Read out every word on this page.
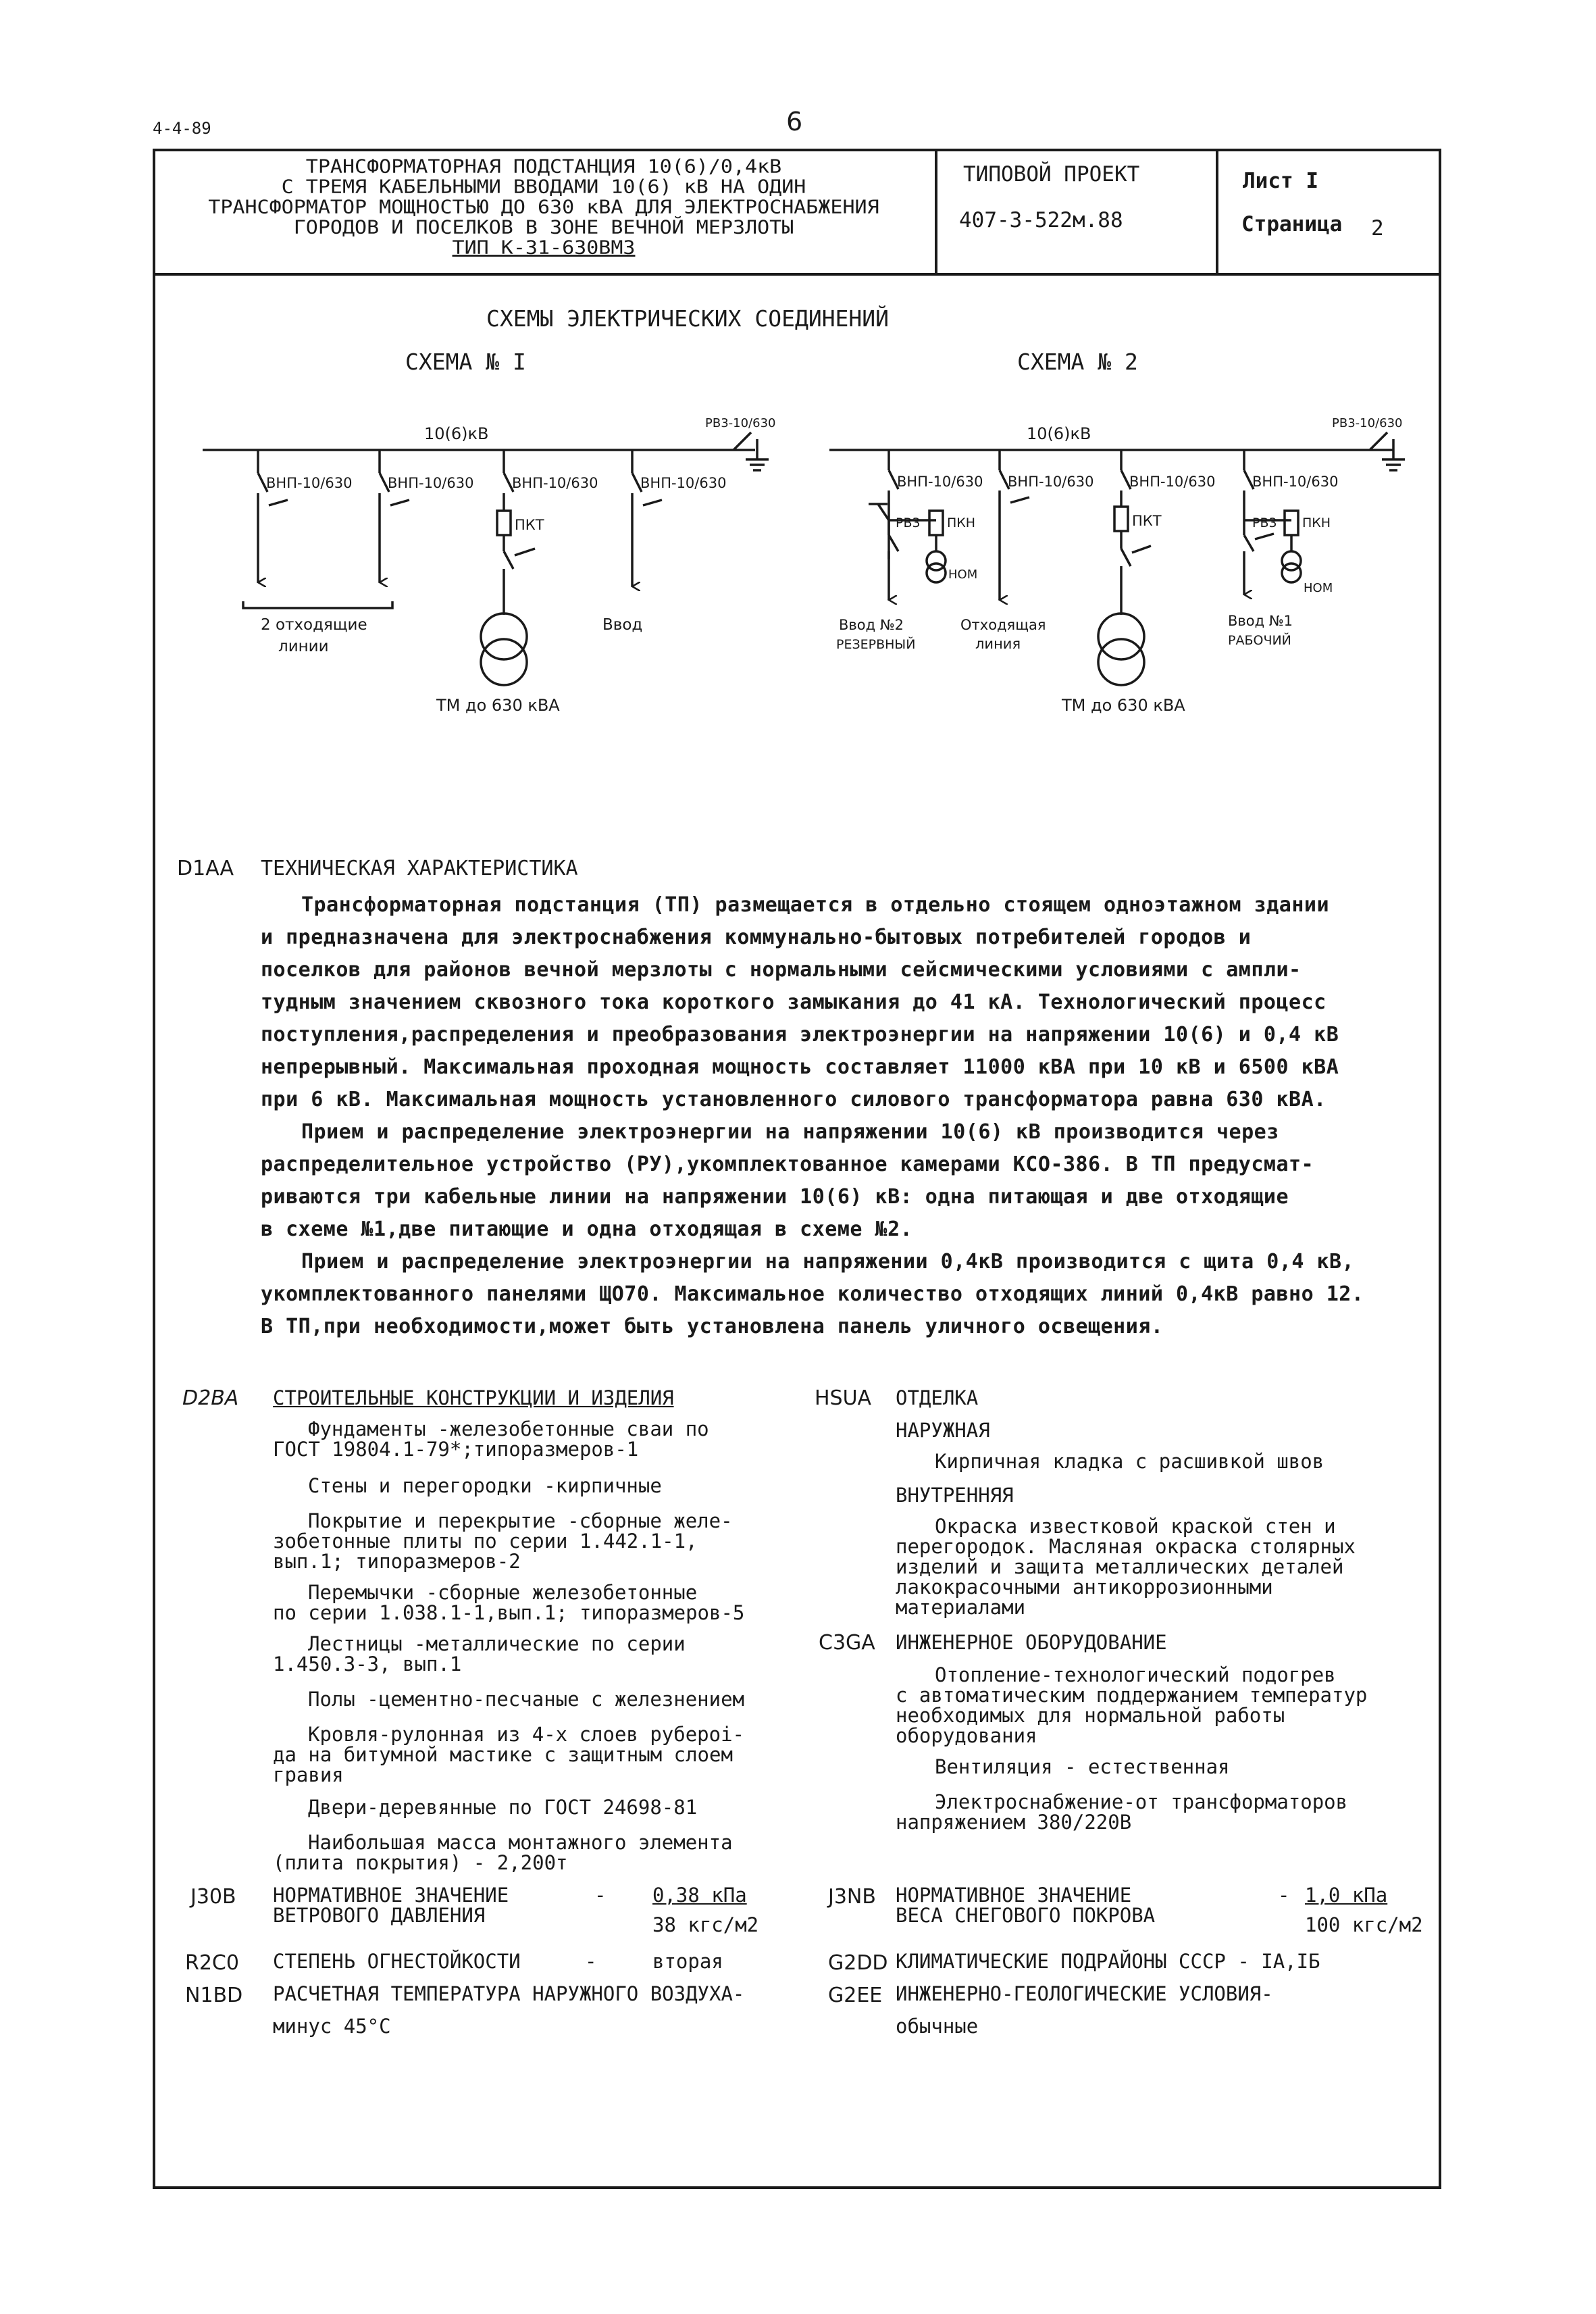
4-4-89	6
ТРАНСФОРМАТОРНАЯ ПОДСТАНЦИЯ 10(6)/0,4кВ
С ТРЕМЯ КАБЕЛЬНЫМИ ВВОДАМИ 10(6) кВ НА ОДИН
ТРАНСФОРМАТОР МОЩНОСТЬЮ ДО 630 кВА ДЛЯ ЭЛЕКТРОСНАБЖЕНИЯ
ГОРОДОВ И ПОСЕЛКОВ В ЗОНЕ ВЕЧНОЙ МЕРЗЛОТЫ
ТИП К-31-630ВМ3
ТИПОВОЙ ПРОЕКТ
407-3-522м.88
Лист I
Страница 2
СХЕМЫ ЭЛЕКТРИЧЕСКИХ СОЕДИНЕНИЙ
СХЕМА № I	СХЕМА № 2
10(6)кВ
РВ3-10/630
ВНП-10/630	ВНП-10/630	ВНП-10/630	ВНП-10/630
ПКТ
2 отходящие
линии
Ввод
ТМ до 630 кВА
10(6)кВ
РВ3-10/630
ВНП-10/630 ВНП-10/630	ВНП-10/630	ВНП-10/630
РВ3 ПКН
НОМ
ПКТ	РВ3 ПКН
НОМ
Ввод №2
РЕЗЕРВНЫЙ
Отходящая
линия
Ввод №1
РАБОЧИЙ
ТМ до 630 кВА
D1AA ТЕХНИЧЕСКАЯ ХАРАКТЕРИСТИКА
Трансформаторная подстанция (ТП) размещается в отдельно стоящем одноэтажном здании
и предназначена для электроснабжения коммунально-бытовых потребителей городов и
поселков для районов вечной мерзлоты с нормальными сейсмическими условиями с ампли-
тудным значением сквозного тока короткого замыкания до 41 кА. Технологический процесс
поступления,распределения и преобразования электроэнергии на напряжении 10(6) и 0,4 кВ
непрерывный. Максимальная проходная мощность составляет 11000 кВА при 10 кВ и 6500 кВА
при 6 кВ. Максимальная мощность установленного силового трансформатора равна 630 кВА.
Прием и распределение электроэнергии на напряжении 10(6) кВ производится через
распределительное устройство (РУ),укомплектованное камерами КСО-386. В ТП предусмат-
риваются три кабельные линии на напряжении 10(6) кВ: одна питающая и две отходящие
в схеме №1,две питающие и одна отходящая в схеме №2.
Прием и распределение электроэнергии на напряжении 0,4кВ производится с щита 0,4 кВ,
укомплектованного панелями ЩО70. Максимальное количество отходящих линий 0,4кВ равно 12.
В ТП,при необходимости,может быть установлена панель уличного освещения.
D2BA СТРОИТЕЛЬНЫЕ КОНСТРУКЦИИ И ИЗДЕЛИЯ
Фундаменты -железобетонные сваи по
ГОСТ 19804.1-79*;типоразмеров-1
Стены и перегородки -кирпичные
Покрытие и перекрытие -сборные желе-
зобетонные плиты по серии 1.442.1-1,
вып.1; типоразмеров-2
Перемычки -сборные железобетонные
по серии 1.038.1-1,вып.1; типоразмеров-5
Лестницы -металлические по серии
1.450.3-3, вып.1
Полы -цементно-песчаные с железнением
Кровля-рулонная из 4-х слоев рубероi-
да на битумной мастике с защитным слоем
гравия
Двери-деревянные по ГОСТ 24698-81
Наибольшая масса монтажного элемента
(плита покрытия) - 2,200т
HSUA ОТДЕЛКА
НАРУЖНАЯ
Кирпичная кладка с расшивкой швов
ВНУТРЕННЯЯ
Окраска известковой краской стен и
перегородок. Масляная окраска столярных
изделий и защита металлических деталей
лакокрасочными антикоррозионными
материалами
C3GA ИНЖЕНЕРНОЕ ОБОРУДОВАНИЕ
Отопление-технологический подогрев
с автоматическим поддержанием температур
необходимых для нормальной работы
оборудования
Вентиляция - естественная
Электроснабжение-от трансформаторов
напряжением 380/220В
J30B НОРМАТИВНОЕ ЗНАЧЕНИЕ
ВЕТРОВОГО ДАВЛЕНИЯ
- 0,38 кПа
38 кгс/м2
J3NB НОРМАТИВНОЕ ЗНАЧЕНИЕ
ВЕСА СНЕГОВОГО ПОКРОВА
- 1,0 кПа
100 кгс/м2
R2C0 СТЕПЕНЬ ОГНЕСТОЙКОСТИ	-	вторая	G2DD КЛИМАТИЧЕСКИЕ ПОДРАЙОНЫ СССР - IА,IБ
N1BD РАСЧЕТНАЯ ТЕМПЕРАТУРА НАРУЖНОГО ВОЗДУХА-
минус 45°С
G2EE ИНЖЕНЕРНО-ГЕОЛОГИЧЕСКИЕ УСЛОВИЯ-
обычные
